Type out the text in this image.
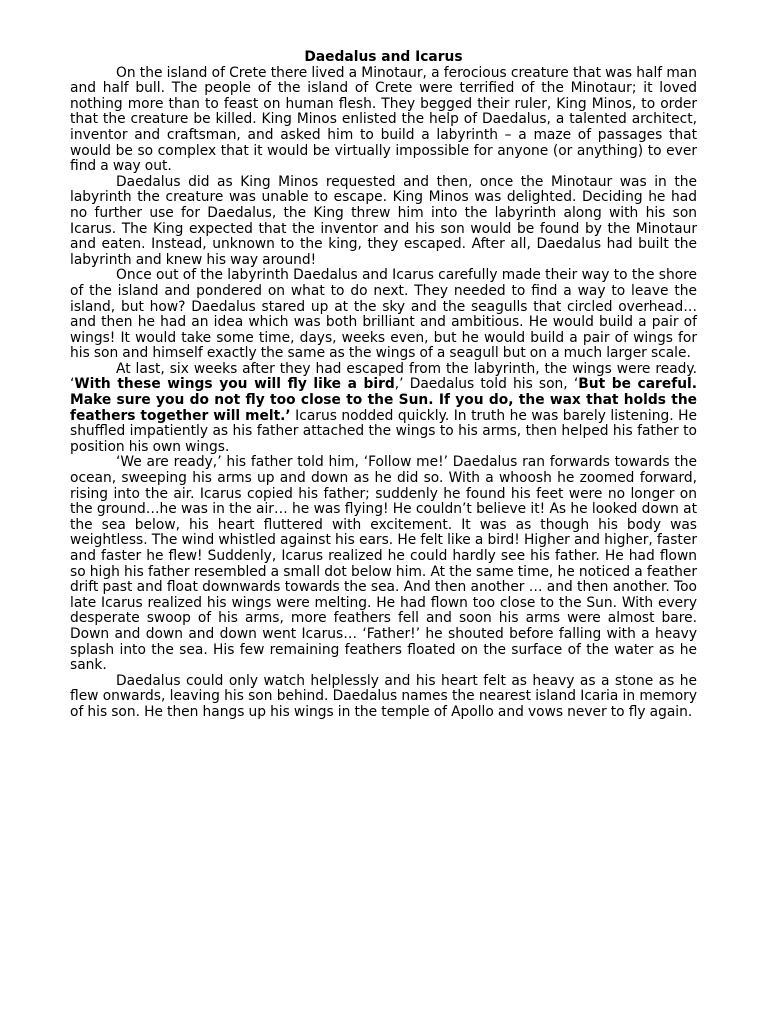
Daedalus and Icarus

On the island of Crete there lived a Minotaur, a ferocious creature that was half man and half bull. The people of the island of Crete were terrified of the Minotaur; it loved nothing more than to feast on human flesh. They begged their ruler, King Minos, to order that the creature be killed. King Minos enlisted the help of Daedalus, a talented architect, inventor and craftsman, and asked him to build a labyrinth – a maze of passages that would be so complex that it would be virtually impossible for anyone (or anything) to ever find a way out.

Daedalus did as King Minos requested and then, once the Minotaur was in the labyrinth the creature was unable to escape. King Minos was delighted. Deciding he had no further use for Daedalus, the King threw him into the labyrinth along with his son Icarus. The King expected that the inventor and his son would be found by the Minotaur and eaten. Instead, unknown to the king, they escaped. After all, Daedalus had built the labyrinth and knew his way around!

Once out of the labyrinth Daedalus and Icarus carefully made their way to the shore of the island and pondered on what to do next. They needed to find a way to leave the island, but how? Daedalus stared up at the sky and the seagulls that circled overhead… and then he had an idea which was both brilliant and ambitious. He would build a pair of wings! It would take some time, days, weeks even, but he would build a pair of wings for his son and himself exactly the same as the wings of a seagull but on a much larger scale.

At last, six weeks after they had escaped from the labyrinth, the wings were ready. ‘With these wings you will fly like a bird,’ Daedalus told his son, ‘But be careful. Make sure you do not fly too close to the Sun. If you do, the wax that holds the feathers together will melt.’ Icarus nodded quickly. In truth he was barely listening. He shuffled impatiently as his father attached the wings to his arms, then helped his father to position his own wings.

‘We are ready,’ his father told him, ‘Follow me!’ Daedalus ran forwards towards the ocean, sweeping his arms up and down as he did so. With a whoosh he zoomed forward, rising into the air. Icarus copied his father; suddenly he found his feet were no longer on the ground…he was in the air… he was flying! He couldn’t believe it! As he looked down at the sea below, his heart fluttered with excitement. It was as though his body was weightless. The wind whistled against his ears. He felt like a bird! Higher and higher, faster and faster he flew! Suddenly, Icarus realized he could hardly see his father. He had flown so high his father resembled a small dot below him. At the same time, he noticed a feather drift past and float downwards towards the sea. And then another … and then another. Too late Icarus realized his wings were melting. He had flown too close to the Sun. With every desperate swoop of his arms, more feathers fell and soon his arms were almost bare. Down and down and down went Icarus… ‘Father!’ he shouted before falling with a heavy splash into the sea. His few remaining feathers floated on the surface of the water as he sank.

Daedalus could only watch helplessly and his heart felt as heavy as a stone as he flew onwards, leaving his son behind. Daedalus names the nearest island Icaria in memory of his son. He then hangs up his wings in the temple of Apollo and vows never to fly again.
